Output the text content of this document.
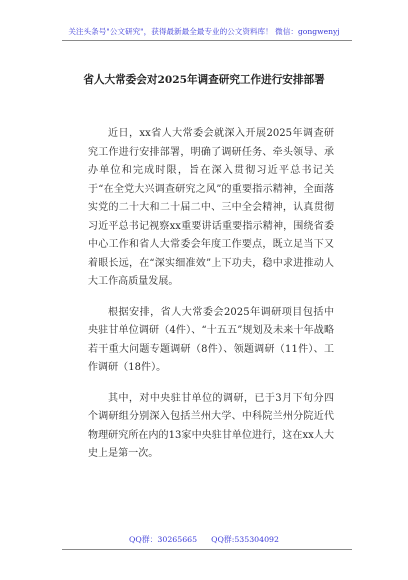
关注头条号"公文研究"，获得最新最全最专业的公文资料库！ 微信：gongwenyj
省人大常委会对2025年调查研究工作进行安排部署

近日，xx省人大常委会就深入开展2025年调查研究工作进行安排部署，明确了调研任务、牵头领导、承办单位和完成时限，旨在深入贯彻习近平总书记关于“在全党大兴调查研究之风”的重要指示精神，全面落实党的二十大和二十届二中、三中全会精神，认真贯彻习近平总书记视察xx重要讲话重要指示精神，围绕省委中心工作和省人大常委会年度工作要点，既立足当下又着眼长远，在“深实细准效”上下功夫，稳中求进推动人大工作高质量发展。

根据安排，省人大常委会2025年调研项目包括中央驻甘单位调研（4件）、“十五五”规划及未来十年战略若干重大问题专题调研（8件）、领题调研（11件）、工作调研（18件）。

其中，对中央驻甘单位的调研，已于3月下旬分四个调研组分别深入包括兰州大学、中科院兰州分院近代物理研究所在内的13家中央驻甘单位进行，这在xx人大史上是第一次。

QQ群：30265665 QQ群:535304092
